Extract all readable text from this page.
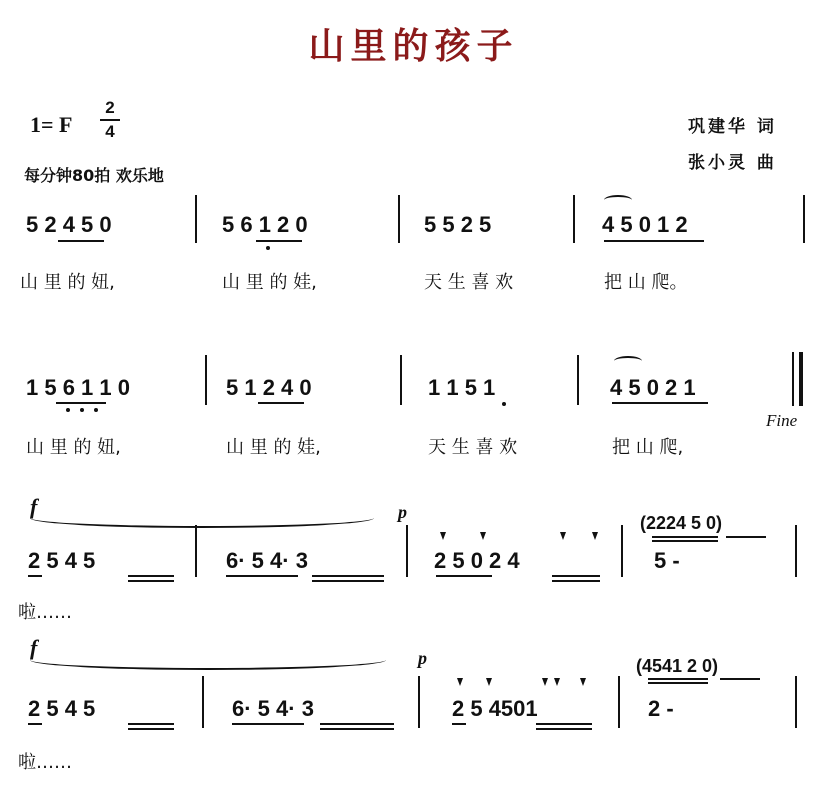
山里的孩子
1= F
2
4	巩建华 词
张小灵 曲
每分钟80拍 欢乐地
5 2 4 5 0	5 6 1 2 0	5 5 2 5	4 5 0 1 2
山 里 的 妞,	山 里 的 娃,	天 生 喜 欢	把 山 爬。
1 5 6 1 1 0	5 1 2 4 0	1 1 5 1	4 5 0 2 1
山 里 的 妞,	山 里 的 娃,	天 生 喜 欢	把 山 爬,
Fine
f	p
2 5 4 5	6· 5 4· 3	2 5 0 2 4
(2224 5 0)
5 -
啦……
f	p
2 5 4 5	6· 5 4· 3	2 5 4501
(4541 2 0)
2 -
啦……
